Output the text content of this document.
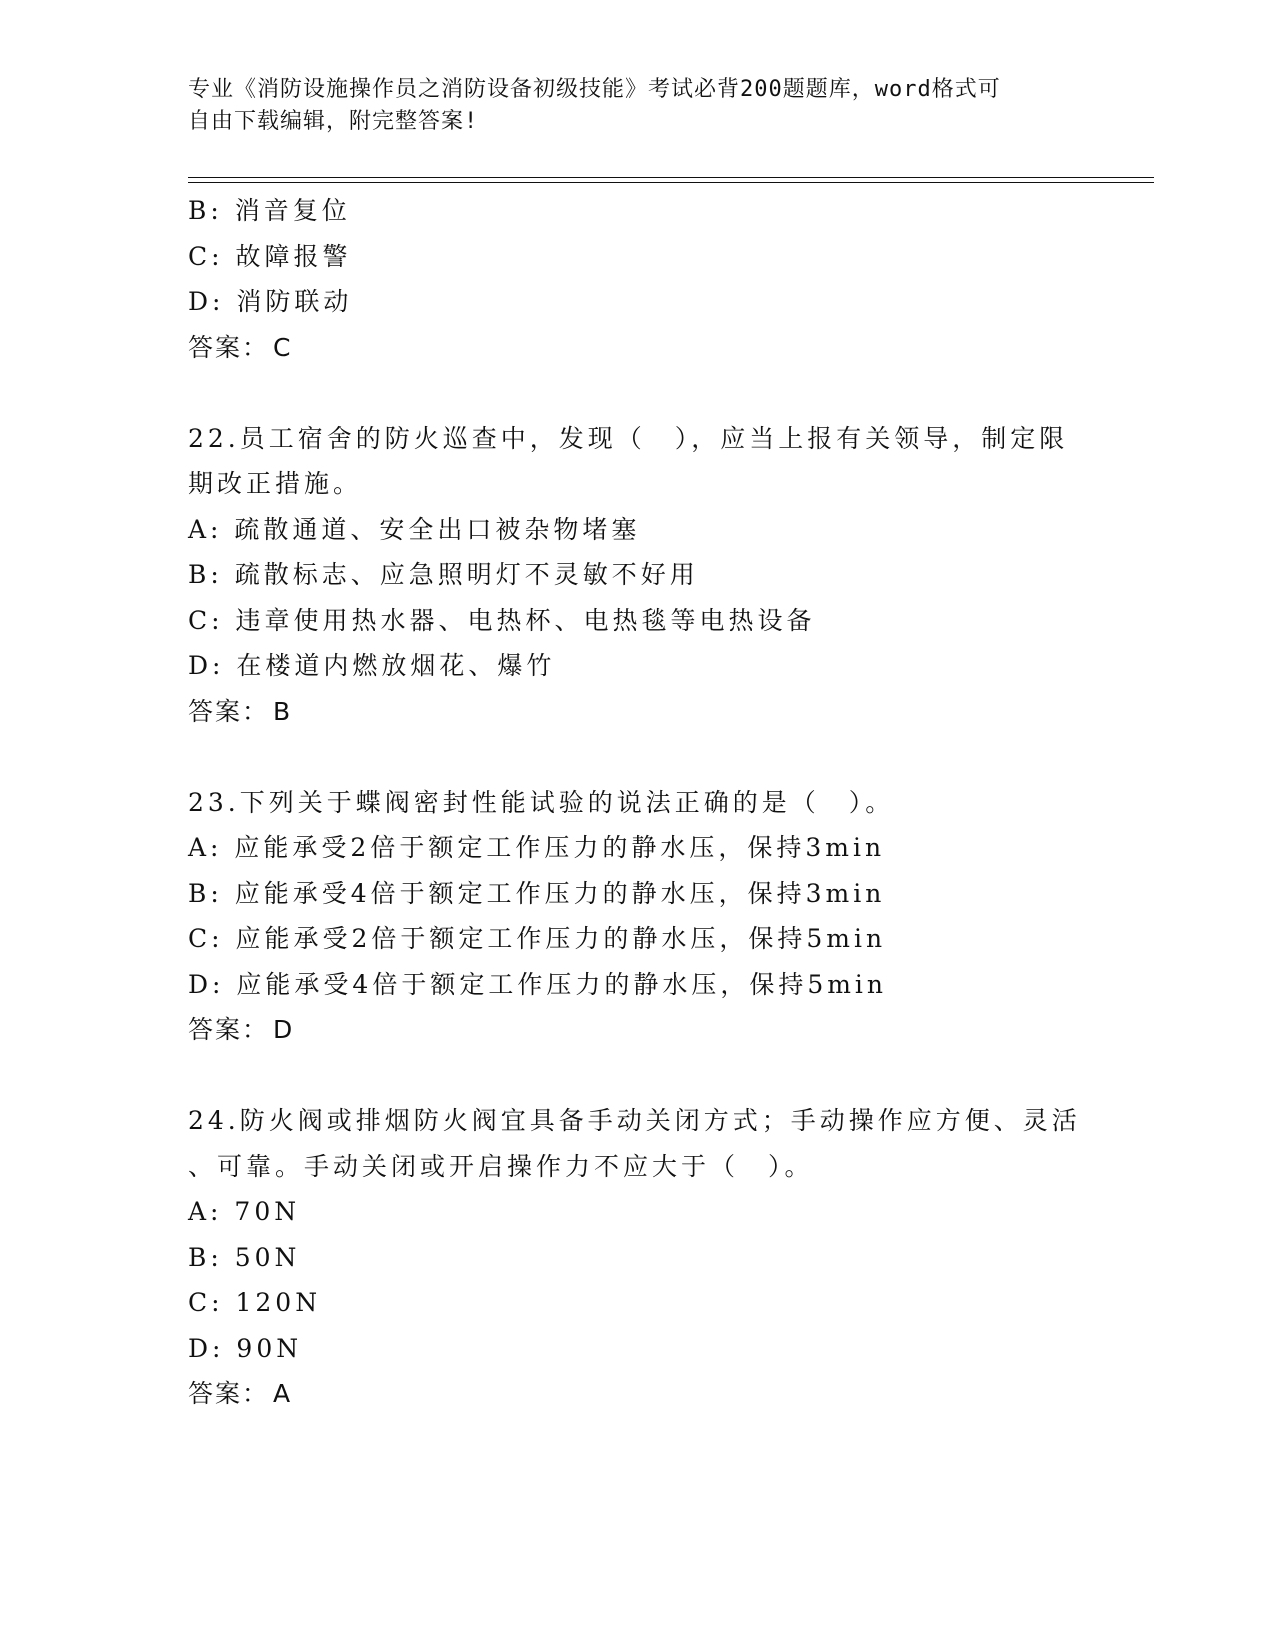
专业《消防设施操作员之消防设备初级技能》考试必背200题题库，word格式可
自由下载编辑，附完整答案!
B: 消音复位
C: 故障报警
D: 消防联动
答案： C
22.员工宿舍的防火巡查中，发现（　），应当上报有关领导，制定限
期改正措施。
A: 疏散通道、安全出口被杂物堵塞
B: 疏散标志、应急照明灯不灵敏不好用
C: 违章使用热水器、电热杯、电热毯等电热设备
D: 在楼道内燃放烟花、爆竹
答案： B
23.下列关于蝶阀密封性能试验的说法正确的是（　）。
A: 应能承受2倍于额定工作压力的静水压，保持3min
B: 应能承受4倍于额定工作压力的静水压，保持3min
C: 应能承受2倍于额定工作压力的静水压，保持5min
D: 应能承受4倍于额定工作压力的静水压，保持5min
答案： D
24.防火阀或排烟防火阀宜具备手动关闭方式；手动操作应方便、灵活
、可靠。手动关闭或开启操作力不应大于（　）。
A: 70N
B: 50N
C: 120N
D: 90N
答案： A
